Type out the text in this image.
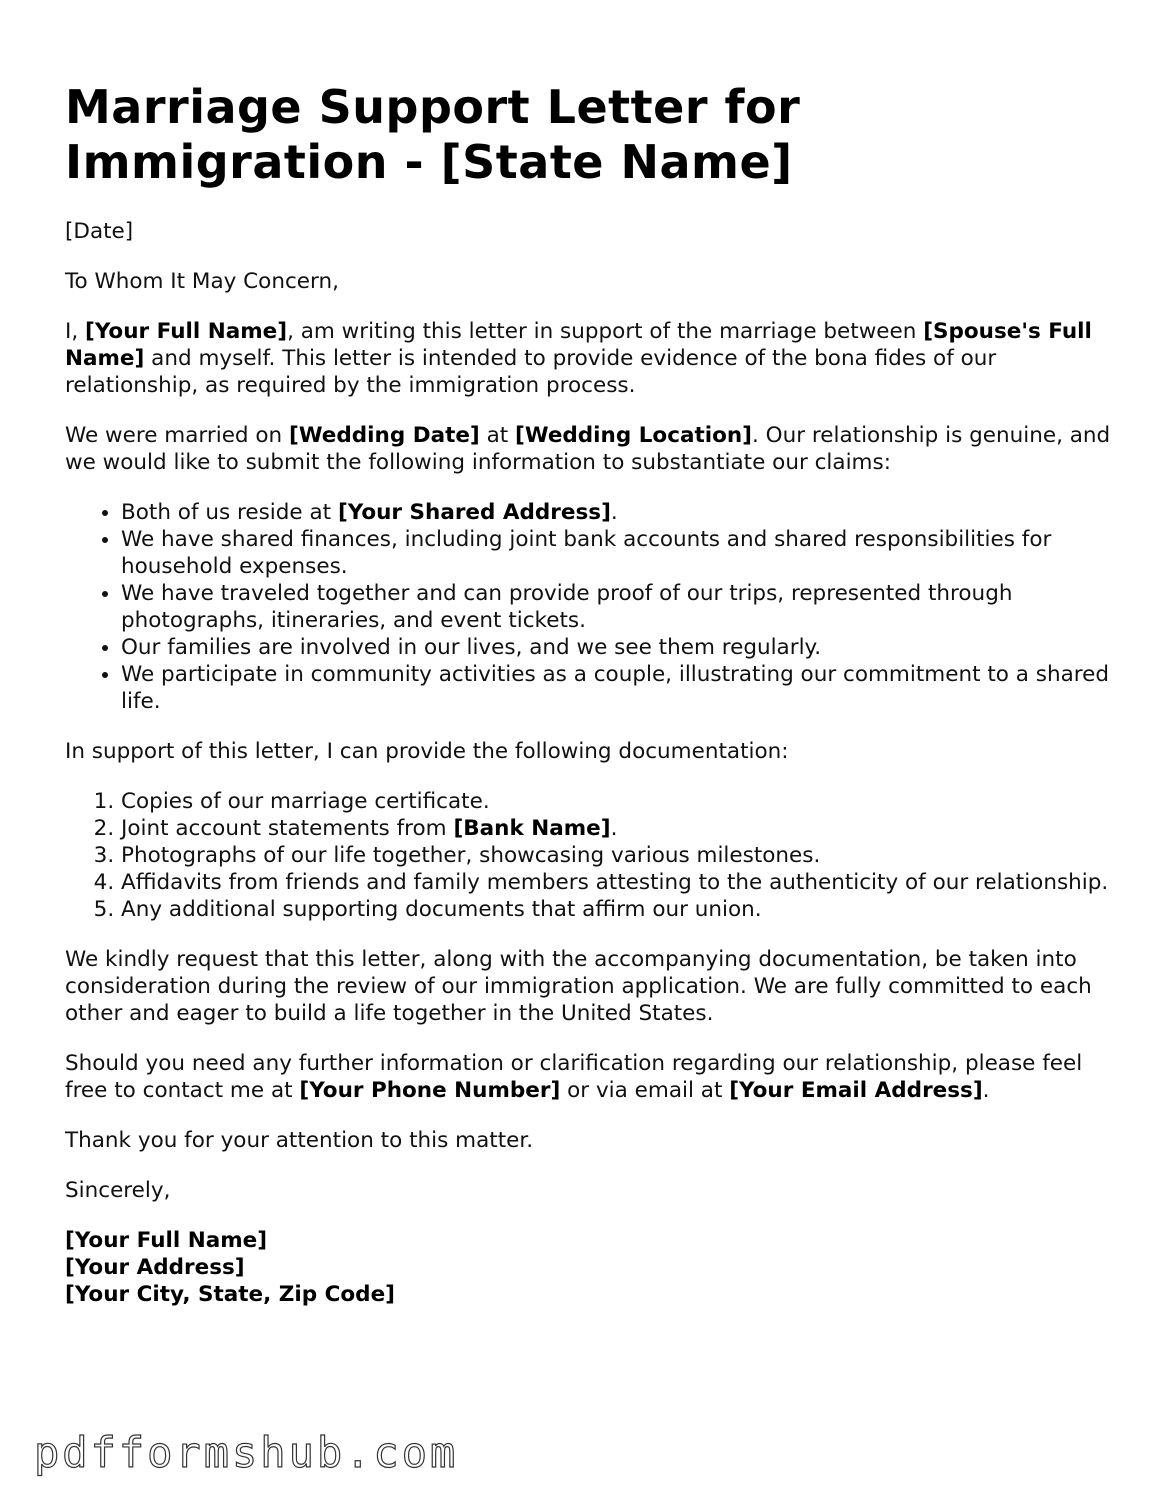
Marriage Support Letter for Immigration - [State Name]

[Date]

To Whom It May Concern,

I, [Your Full Name], am writing this letter in support of the marriage between [Spouse's Full Name] and myself. This letter is intended to provide evidence of the bona fides of our relationship, as required by the immigration process.

We were married on [Wedding Date] at [Wedding Location]. Our relationship is genuine, and we would like to submit the following information to substantiate our claims:

• Both of us reside at [Your Shared Address].
• We have shared finances, including joint bank accounts and shared responsibilities for household expenses.
• We have traveled together and can provide proof of our trips, represented through photographs, itineraries, and event tickets.
• Our families are involved in our lives, and we see them regularly.
• We participate in community activities as a couple, illustrating our commitment to a shared life.

In support of this letter, I can provide the following documentation:

1. Copies of our marriage certificate.
2. Joint account statements from [Bank Name].
3. Photographs of our life together, showcasing various milestones.
4. Affidavits from friends and family members attesting to the authenticity of our relationship.
5. Any additional supporting documents that affirm our union.

We kindly request that this letter, along with the accompanying documentation, be taken into consideration during the review of our immigration application. We are fully committed to each other and eager to build a life together in the United States.

Should you need any further information or clarification regarding our relationship, please feel free to contact me at [Your Phone Number] or via email at [Your Email Address].

Thank you for your attention to this matter.

Sincerely,

[Your Full Name]
[Your Address]
[Your City, State, Zip Code]

pdfformshub.com
